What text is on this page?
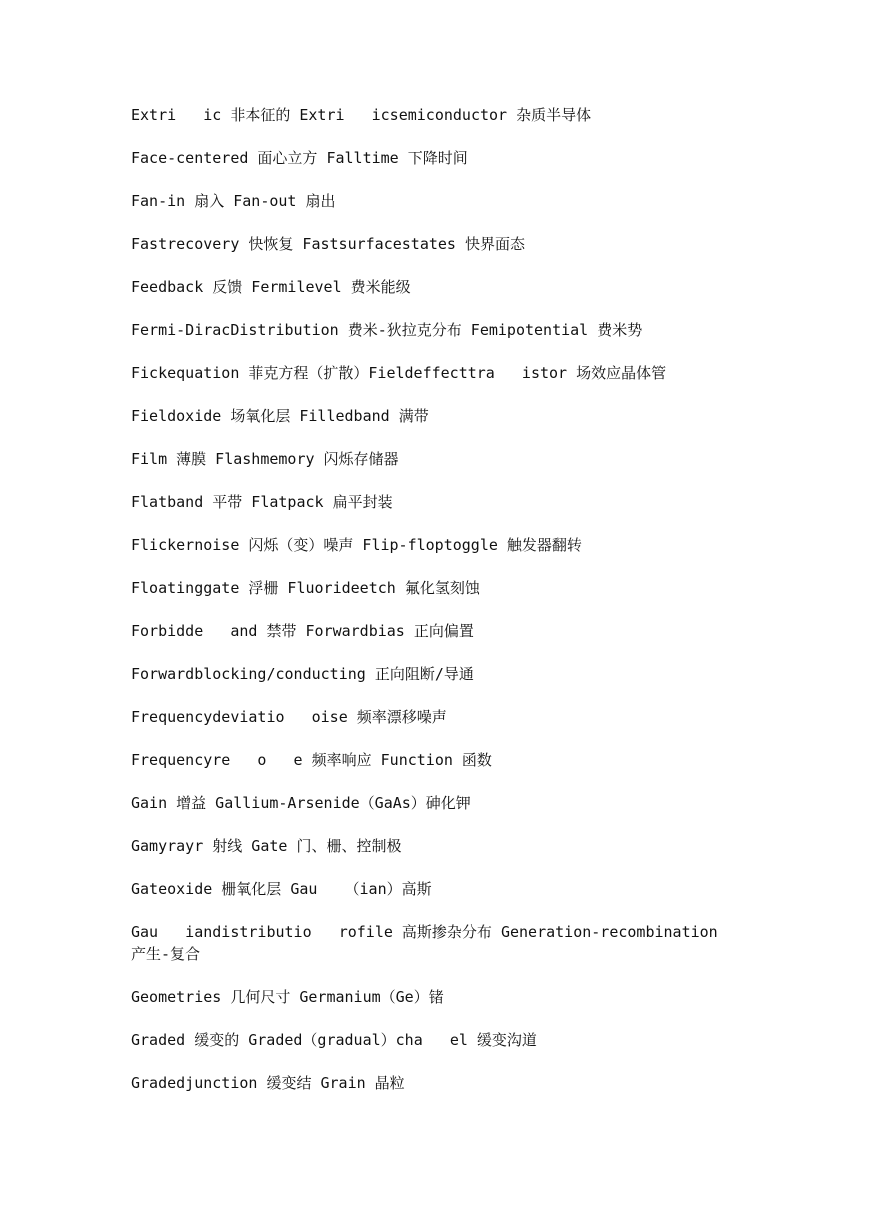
Extri   ic 非本征的 Extri   icsemiconductor 杂质半导体
Face-centered 面心立方 Falltime 下降时间
Fan-in 扇入 Fan-out 扇出
Fastrecovery 快恢复 Fastsurfacestates 快界面态
Feedback 反馈 Fermilevel 费米能级
Fermi-DiracDistribution 费米-狄拉克分布 Femipotential 费米势
Fickequation 菲克方程（扩散）Fieldeffecttra   istor 场效应晶体管
Fieldoxide 场氧化层 Filledband 满带
Film 薄膜 Flashmemory 闪烁存储器
Flatband 平带 Flatpack 扁平封装
Flickernoise 闪烁（变）噪声 Flip-floptoggle 触发器翻转
Floatinggate 浮栅 Fluorideetch 氟化氢刻蚀
Forbidde   and 禁带 Forwardbias 正向偏置
Forwardblocking/conducting 正向阻断/导通
Frequencydeviatio   oise 频率漂移噪声
Frequencyre   o   e 频率响应 Function 函数
Gain 增益 Gallium-Arsenide（GaAs）砷化钾
Gamyrayr 射线 Gate 门、栅、控制极
Gateoxide 栅氧化层 Gau   （ian）高斯
Gau   iandistributio   rofile 高斯掺杂分布 Generation-recombination 产生-复合
Geometries 几何尺寸 Germanium（Ge）锗
Graded 缓变的 Graded（gradual）cha   el 缓变沟道
Gradedjunction 缓变结 Grain 晶粒
